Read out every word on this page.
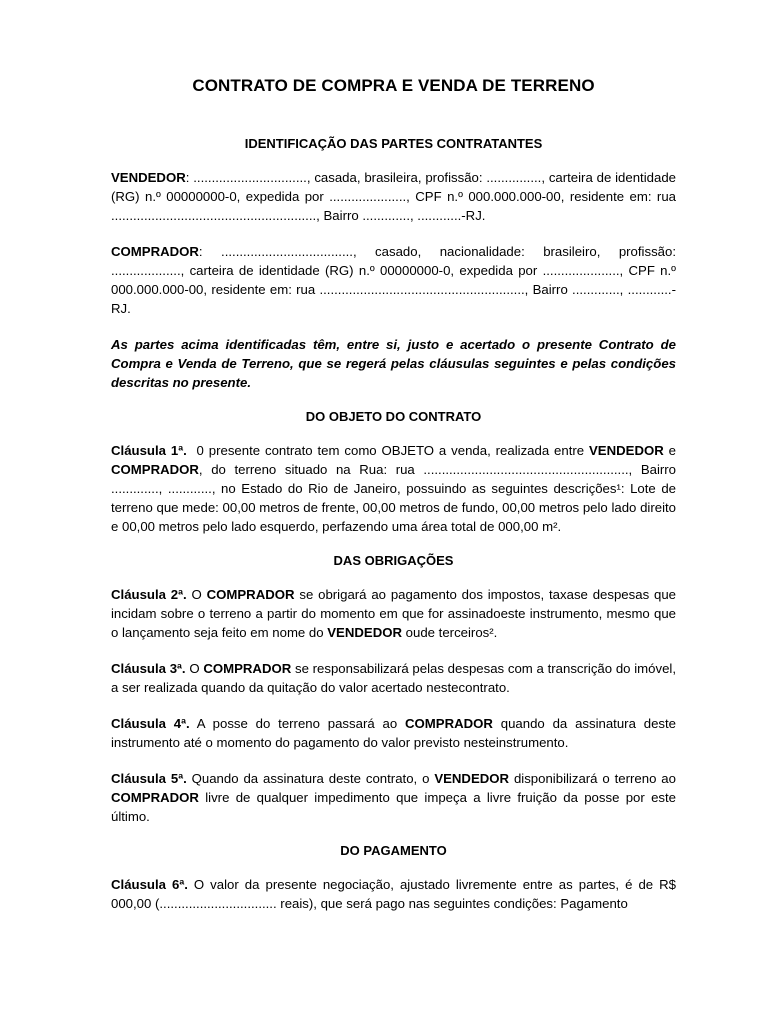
CONTRATO DE COMPRA E VENDA DE TERRENO

IDENTIFICAÇÃO DAS PARTES CONTRATANTES

VENDEDOR: ..............................., casada, brasileira, profissão: ..............., carteira de identidade (RG) n.º 00000000-0, expedida por ....................., CPF n.º 000.000.000-00, residente em: rua ........................................................, Bairro ............., ............-RJ.

COMPRADOR: ...................................., casado, nacionalidade: brasileiro, profissão: ..................., carteira de identidade (RG) n.º 00000000-0, expedida por ....................., CPF n.º 000.000.000-00, residente em: rua ........................................................, Bairro ............., ............-RJ.

As partes acima identificadas têm, entre si, justo e acertado o presente Contrato de Compra e Venda de Terreno, que se regerá pelas cláusulas seguintes e pelas condições descritas no presente.

DO OBJETO DO CONTRATO

Cláusula 1ª.  0 presente contrato tem como OBJETO a venda, realizada entre VENDEDOR e COMPRADOR, do terreno situado na Rua: rua ........................................................, Bairro ............., ............, no Estado do Rio de Janeiro, possuindo as seguintes descrições¹: Lote de terreno que mede: 00,00 metros de frente, 00,00 metros de fundo, 00,00 metros pelo lado direito e 00,00 metros pelo lado esquerdo, perfazendo uma área total de 000,00 m².

DAS OBRIGAÇÕES

Cláusula 2ª. O COMPRADOR se obrigará ao pagamento dos impostos, taxase despesas que incidam sobre o terreno a partir do momento em que for assinadoeste instrumento, mesmo que o lançamento seja feito em nome do VENDEDOR oude terceiros².

Cláusula 3ª. O COMPRADOR se responsabilizará pelas despesas com a transcrição do imóvel, a ser realizada quando da quitação do valor acertado nestecontrato.

Cláusula 4ª. A posse do terreno passará ao COMPRADOR quando da assinatura deste instrumento até o momento do pagamento do valor previsto nesteinstrumento.

Cláusula 5ª. Quando da assinatura deste contrato, o VENDEDOR disponibilizará o terreno ao COMPRADOR livre de qualquer impedimento que impeça a livre fruição da posse por este último.

DO PAGAMENTO

Cláusula 6ª. O valor da presente negociação, ajustado livremente entre as partes, é de R$ 000,00 (................................ reais), que será pago nas seguintes condições: Pagamento
